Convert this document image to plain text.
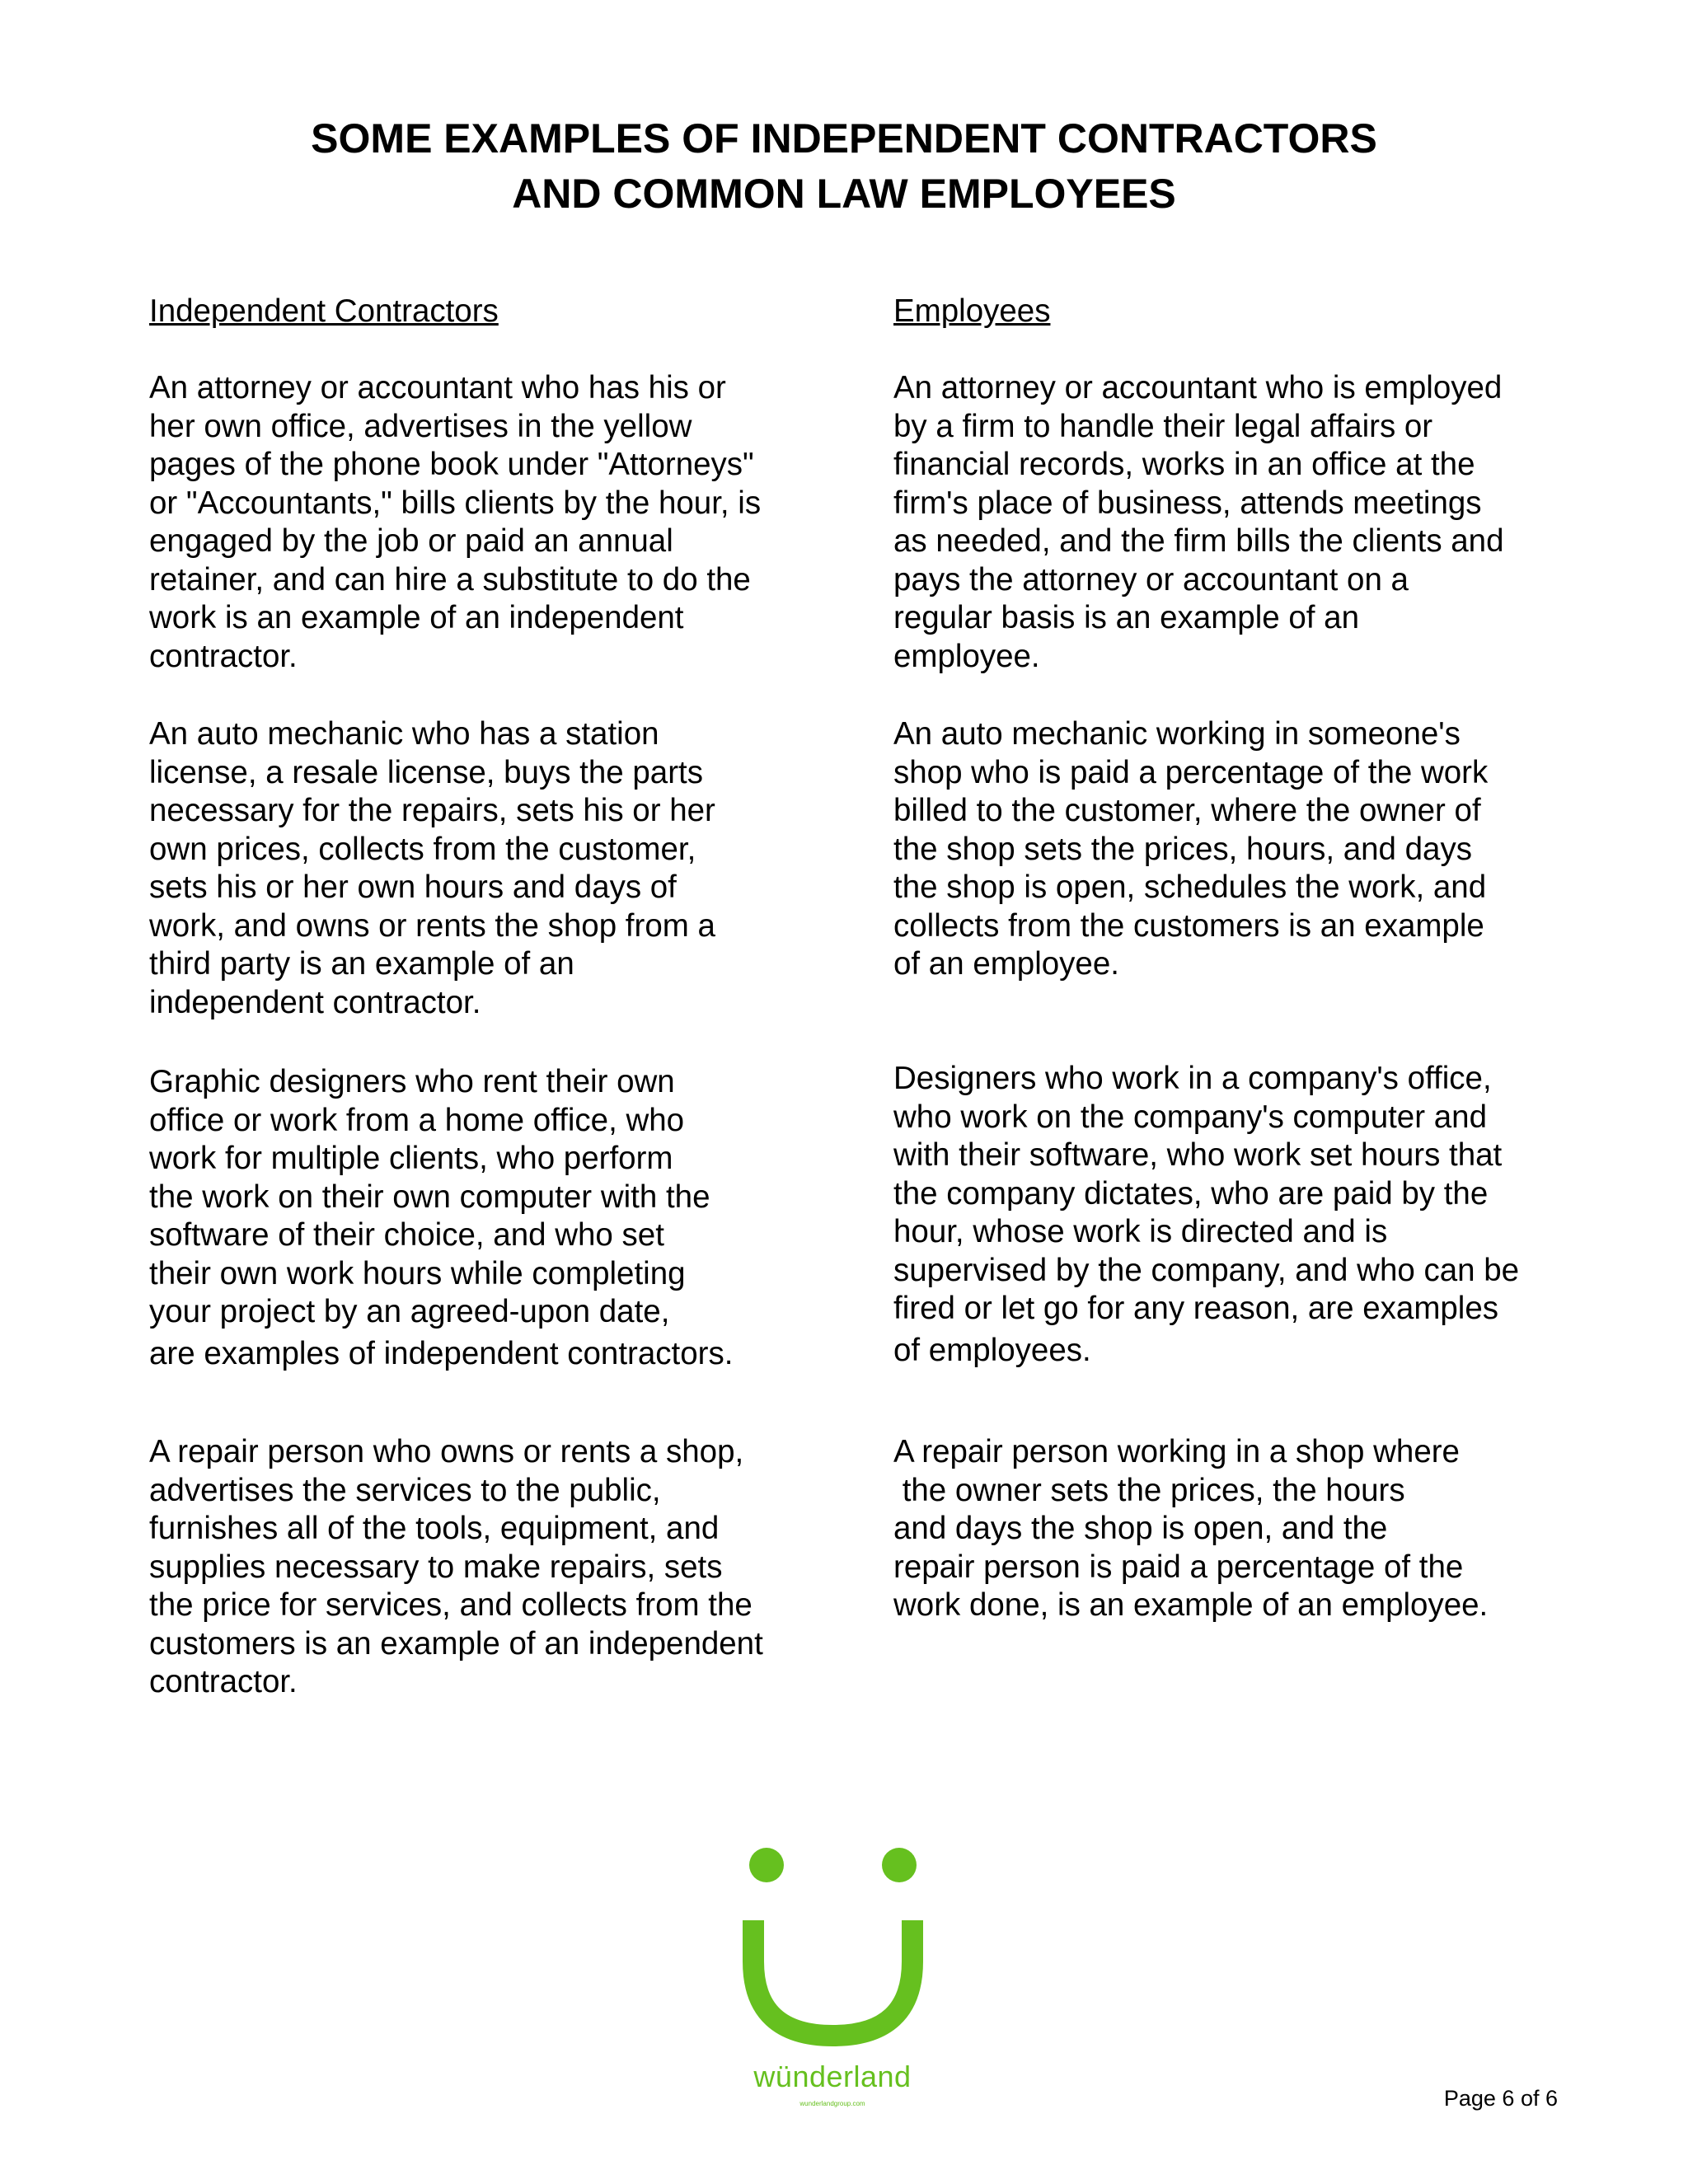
SOME EXAMPLES OF INDEPENDENT CONTRACTORS
AND COMMON LAW EMPLOYEES
Independent Contractors
An attorney or accountant who has his or
her own office, advertises in the yellow
pages of the phone book under "Attorneys"
or "Accountants," bills clients by the hour, is
engaged by the job or paid an annual
retainer, and can hire a substitute to do the
work is an example of an independent
contractor.
An auto mechanic who has a station
license, a resale license, buys the parts
necessary for the repairs, sets his or her
own prices, collects from the customer,
sets his or her own hours and days of
work, and owns or rents the shop from a
third party is an example of an
independent contractor.
Graphic designers who rent their own
office or work from a home office, who
work for multiple clients, who perform
the work on their own computer with the
software of their choice, and who set
their own work hours while completing
your project by an agreed-upon date,
are examples of independent contractors.
A repair person who owns or rents a shop,
advertises the services to the public,
furnishes all of the tools, equipment, and
supplies necessary to make repairs, sets
the price for services, and collects from the
customers is an example of an independent
contractor.
Employees
An attorney or accountant who is employed
by a firm to handle their legal affairs or
financial records, works in an office at the
firm's place of business, attends meetings
as needed, and the firm bills the clients and
pays the attorney or accountant on a
regular basis is an example of an
employee.
An auto mechanic working in someone's
shop who is paid a percentage of the work
billed to the customer, where the owner of
the shop sets the prices, hours, and days
the shop is open, schedules the work, and
collects from the customers is an example
of an employee.
Designers who work in a company's office,
who work on the company's computer and
with their software, who work set hours that
the company dictates, who are paid by the
hour, whose work is directed and is
supervised by the company, and who can be
fired or let go for any reason, are examples
of employees.
A repair person working in a shop where
the owner sets the prices, the hours
and days the shop is open, and the
repair person is paid a percentage of the
work done, is an example of an employee.
wünderland
wunderlandgroup.com	Page 6 of 6
